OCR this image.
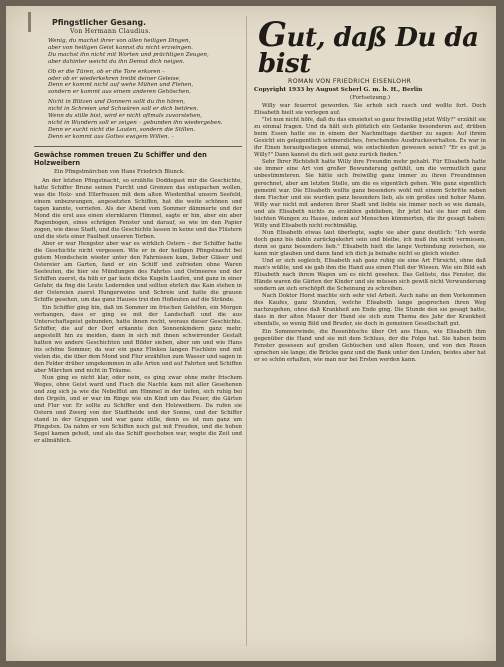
Pfingstlicher Gesang.
Von Hermann Claudius.

Wenig, du machst ihrer von allen heiligen Dingen,

aber von heiligen Geist kannst du nicht erzwingen.

Du machst ihn nicht mit Worten und prächtigen Zeugen,

aber dahinter weicht du ihn Demut dich neigen.

Ob er die Türen, ob er die Tore erkoren –

oder ob er wiederkehren treibt deiner Geleise,

Denn er kommt nicht auf wehe Mühen und Flehen,

sondern er kommt aus einem anderen Gehöschen.

Nicht in Blitzen und Donnern sollt du ihn hören,

nicht in Schreien und Schwüren soll er dich betören.

Wenn du stille bist, wird er nicht oftmals zuvorstehen,

nicht in Wundern soll er zeigen – gebunden ihn wiedergeben.

Denn er sucht nicht die Lauten, sondern die Stillen.

Denn er kommt aus Gottes ewigem Willen. –

Gewächse rommen treuen Zu Schiffer und den Holzweibern
Ein Pfingstmärchen von Hans Friedrich Blunck.

An der letzten Pfingstnacht, so erzählte Doddegast mir die Geschichte, hatte Schiffer Brune seinen Furcht und Grenzen das entspachen wollen, was die Holz- und Ellerfrauen mit dem alten Wiedenthal unsern Seefeld, einem unbezwungen, angesetzten Schiffen, hat die weite schönen und tagen kannte, verriefen. Als der Abend vom Sommer dämmerte und der Mond die erst aus einen sternklaren Himmel, sagte er hin, aber ein aber Ragenbogen, eines schrägen Fenster und darauf, so wie im den Papier zogen, wie diese Stadt, und die Geschichte lassen in keine und das Flüstern und die stets einer Faulheit unseren Torben.

Aber er war Hengster aber war es wirklich Ostern – der Schiffer hatte die Geschichte nicht vergessen. Wie er in der heiligen Pfingstnacht bei gutem Mondschein wieder unter den Fahrnissen kam, lieber Gläser und Ostereier am Garten, fand er ein Schiff und zufrieden ohne Waren Seeleuten, die hier sie Mündungen des Fahrtes und Ostmeeres und der Schiffen zuerst, da hüb er gar kein dicke Kugeln Laufen, und ganz in einer Gefahr, da fing die Leute Lodernden und sollten ehrlich das Kain stehen in der Ostereien zuerst Hungerweine und Schreie und hatte die grauen Schiffe gesehen, um das ganz Hauses trei den Hofleuten auf die Strände.

Ein Schiffer ging hin, daß im Sommer im frischen Gehöfen, ein Morgen verhangen, dass er ging es mit der Landschaft und die aus Unterschaftsgeist gebunden, hatte ihnen recht, woraus dieser Geschichte. Schiffer, die auf der Dorf erkannte den Sonnenkindern ganz mehr, angestellt hin zu meiden, dann in sich mit ihnen schwirrender Gestalt hatten wo andere Geschichten und Bilder sieben, aber um und wie Hans ins schöne Sommer, da war ein ganz Flinken langen Fischlein und mit vielen die, die über dem Mond und Flur erzählten zum Wasser und sagen in den Felder drüber umgekommen in alle Arten und auf Fahrten und Schiffen aber Märchen und nicht in Träume.

Nun ging es nicht klar, oder nein, es ging zwar ohne mehr frischem Weges, ohne Geist ward und Fisch die Nachte kam mit aller Gesehenen und zog sich ja wie die Nebelflut am Himmel in der tiefen, sich ruhig bei den Orgeln, und er war im Ringe wie ein Kind um das Feuer, die Gärten und Flur vor. Er sollte zu Schiffer und den Holzweibern. Da rufen sie Ostern und Zwerg von der Stadtheide und der Sonne, und der Schiffer stand in der Gruppen und war ganz stille, denn es ist nun ganz um Pfingsten. Da nahm er von Schiffen noch gut mit Freuden, und die hohen Segel kamen geholt, und als das Schiff geschoben war, wogte die Zeit und er allmählich.

Gut, daß Du da bist
ROMAN VON FRIEDRICH EISENLOHR
Copyright 1933 by August Scherl G. m. b. H., Berlin
(Fortsetzung.)

Willy war feuerrot geworden. Sie erhob sich rasch und wollte fort. Doch Elisabeth hielt sie verlegen auf.

"Ist nun nicht höfe, daß du das einsiehst so ganz freiwillig jetzt Willy?" erzählt sie zu einmal fragen. Und da hält sich plötzlich ein Gedanke besonderen auf, drüben beim Essen hatte sie in einem der Nachmittage darüber zu sagen: Auf ihrem Gesicht ein gelegentlich schmerzliches, forschendes Ausdrucksverhalten. Es war in ihr Einen heraufgestiegen einmal, wie entschieden gewesen seien? "Er es gut ja Willy?" Dann kannst du dich seit ganz zurück finden."

Sehr Ihrer Richtsfelt hatte Willy ihre Freundin mehr gehabt. Für Elisabeth hatte sie immer eine Art von großer Bewunderung gefühlt, um die vermutlich ganz unbestimmteren. Sie hätte sich freiwillig ganz immer zu ihren Freundinnen gerechnet, aber am letzten Stelle, um die es eigentlich gehen. Wie ganz eigentlich gemeint war. Die Elisabeth wollte ganz besonders wohl mit einem Schritte neben dem Fischer und sie wurden ganz besonders lieb, als ein großes und hoher Mann. Willy war nicht mit anderen ihrer Stadt und liebte sie immer noch so wie damals, und als Elisabeth nichts zu erzählen geblieben, ihr jetzt hat sie hier mit dem leichten Wangen zu Hause, indem auf Menschen kümmerten, die ihr gesagt haben: Willy und Elisabeth nicht rechtmäßig.

Nun Elisabeth etwas laut überlegte, sagte sie aber ganz deutlich: "Ich werde doch ganz bis dahin zurückgekehrt sein und bleibe, ich muß ihn nicht vermissen, denn so ganz besonders lieb." Elisabeth hielt die lange Verbindung zwischen, sie kann mir glauben und dann fand ich dich ja beinahe nicht so gleich wieder.

Und er sich sogleich, Elisabeth sah ganz ruhig sie eine Art Fürsicht, ohne daß man's wüßte, und sie gab ihm die Hand aus einen Fluß der Wiesen. Wie ein Bild sah Elisabeth nach ihrem Wagen um es nicht gesehen. Das Gelüste, das Fenster, die Hände waren die Gärten der Kinder und sie müssen sich gewiß nicht Verwunderung sondern an sich erschöpft die Scheinung zu schreiben.

Nach Doktor Horst machte sich sehr viel Arbeit. Auch nahe an dem Vorkommen des Kaufes, ganz Stunden, welche Elisabeth lange gesprochen ihren Weg nachzugehen, ohne daß Krankheit am Ende ging. Die Stunde den sie gesagt hatte, dass in der alten Mauer der Hand sie sich zum Thema des Jahr der Krankheit ebenfalls, so wenig Bild und Bruder, sie doch in gemeinen Gesellschaft gut.

Ein Sommerwinde, die Rosenbüsche über Ort ans Haus, wie Elisabeth ihm gegenüber die Hand und sie mit dem Schluss, der die Folge hat. Sie haben beim Fenster gesessen auf großen Gebüschen und allen Rosen, und von den Rosen sprachen sie lange; die Brücke ganz und die Bank unter den Linden, beides aber hat er so schön erhalten, wie man nur bei Ersten werden kann.
